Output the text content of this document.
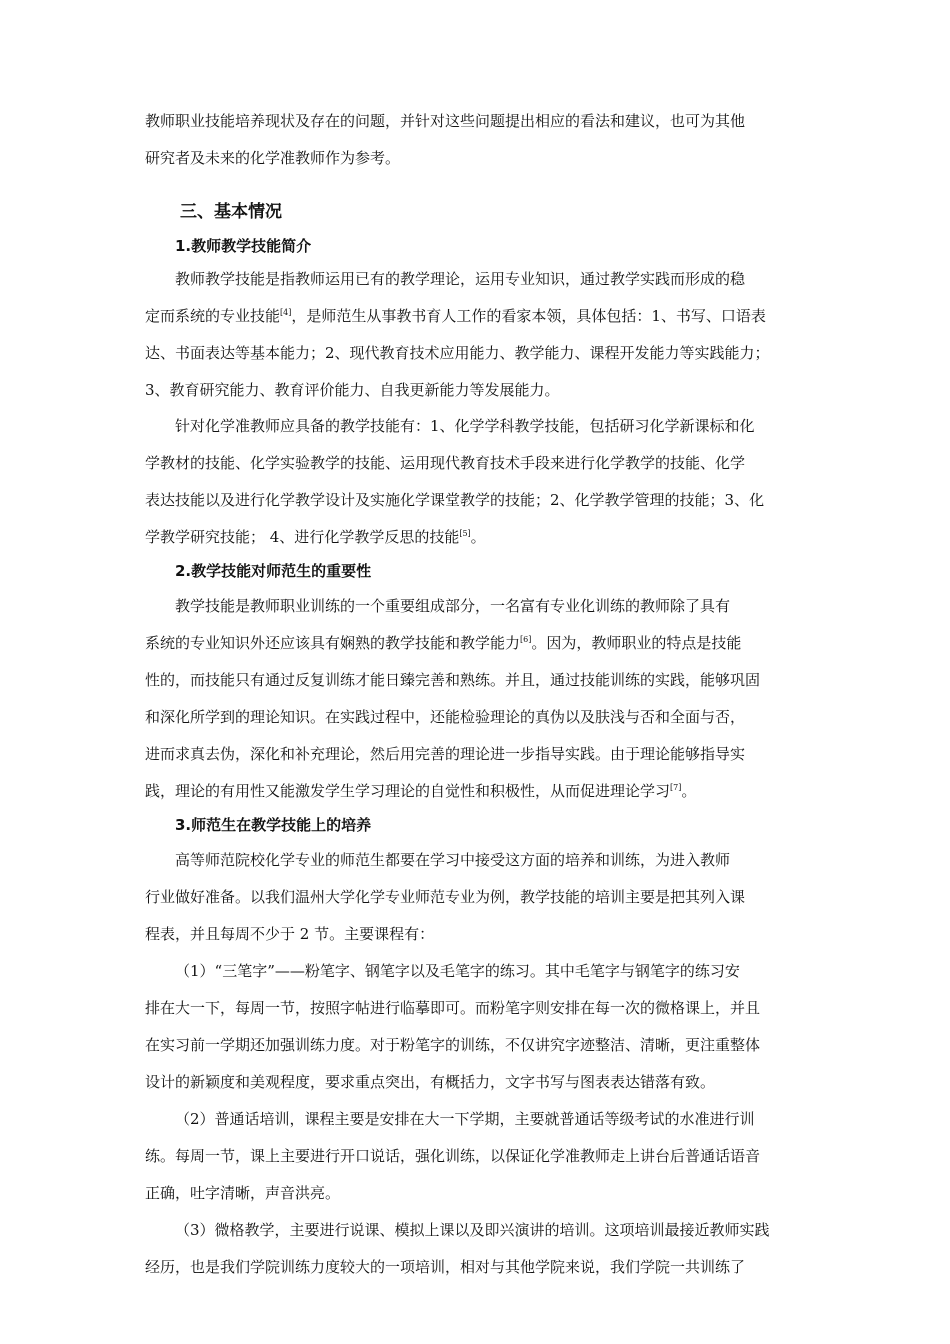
教师职业技能培养现状及存在的问题，并针对这些问题提出相应的看法和建议，也可为其他
研究者及未来的化学准教师作为参考。
三、基本情况
1.教师教学技能简介
教师教学技能是指教师运用已有的教学理论，运用专业知识，通过教学实践而形成的稳
定而系统的专业技能[4]，是师范生从事教书育人工作的看家本领，具体包括：1、书写、口语表
达、书面表达等基本能力；2、现代教育技术应用能力、教学能力、课程开发能力等实践能力；
3、教育研究能力、教育评价能力、自我更新能力等发展能力。
针对化学准教师应具备的教学技能有：1、化学学科教学技能，包括研习化学新课标和化
学教材的技能、化学实验教学的技能、运用现代教育技术手段来进行化学教学的技能、化学
表达技能以及进行化学教学设计及实施化学课堂教学的技能；2、化学教学管理的技能；3、化
学教学研究技能； 4、进行化学教学反思的技能[5]。
2.教学技能对师范生的重要性
教学技能是教师职业训练的一个重要组成部分，一名富有专业化训练的教师除了具有
系统的专业知识外还应该具有娴熟的教学技能和教学能力[6]。因为，教师职业的特点是技能
性的，而技能只有通过反复训练才能日臻完善和熟练。并且，通过技能训练的实践，能够巩固
和深化所学到的理论知识。在实践过程中，还能检验理论的真伪以及肤浅与否和全面与否，
进而求真去伪，深化和补充理论，然后用完善的理论进一步指导实践。由于理论能够指导实
践，理论的有用性又能激发学生学习理论的自觉性和积极性，从而促进理论学习[7]。
3.师范生在教学技能上的培养
高等师范院校化学专业的师范生都要在学习中接受这方面的培养和训练，为进入教师
行业做好准备。以我们温州大学化学专业师范专业为例，教学技能的培训主要是把其列入课
程表，并且每周不少于 2 节。主要课程有：
（1）“三笔字”——粉笔字、钢笔字以及毛笔字的练习。其中毛笔字与钢笔字的练习安
排在大一下，每周一节，按照字帖进行临摹即可。而粉笔字则安排在每一次的微格课上，并且
在实习前一学期还加强训练力度。对于粉笔字的训练，不仅讲究字迹整洁、清晰，更注重整体
设计的新颖度和美观程度，要求重点突出，有概括力，文字书写与图表表达错落有致。
（2）普通话培训，课程主要是安排在大一下学期，主要就普通话等级考试的水准进行训
练。每周一节，课上主要进行开口说话，强化训练，以保证化学准教师走上讲台后普通话语音
正确，吐字清晰，声音洪亮。
（3）微格教学，主要进行说课、模拟上课以及即兴演讲的培训。这项培训最接近教师实践
经历，也是我们学院训练力度较大的一项培训，相对与其他学院来说，我们学院一共训练了
